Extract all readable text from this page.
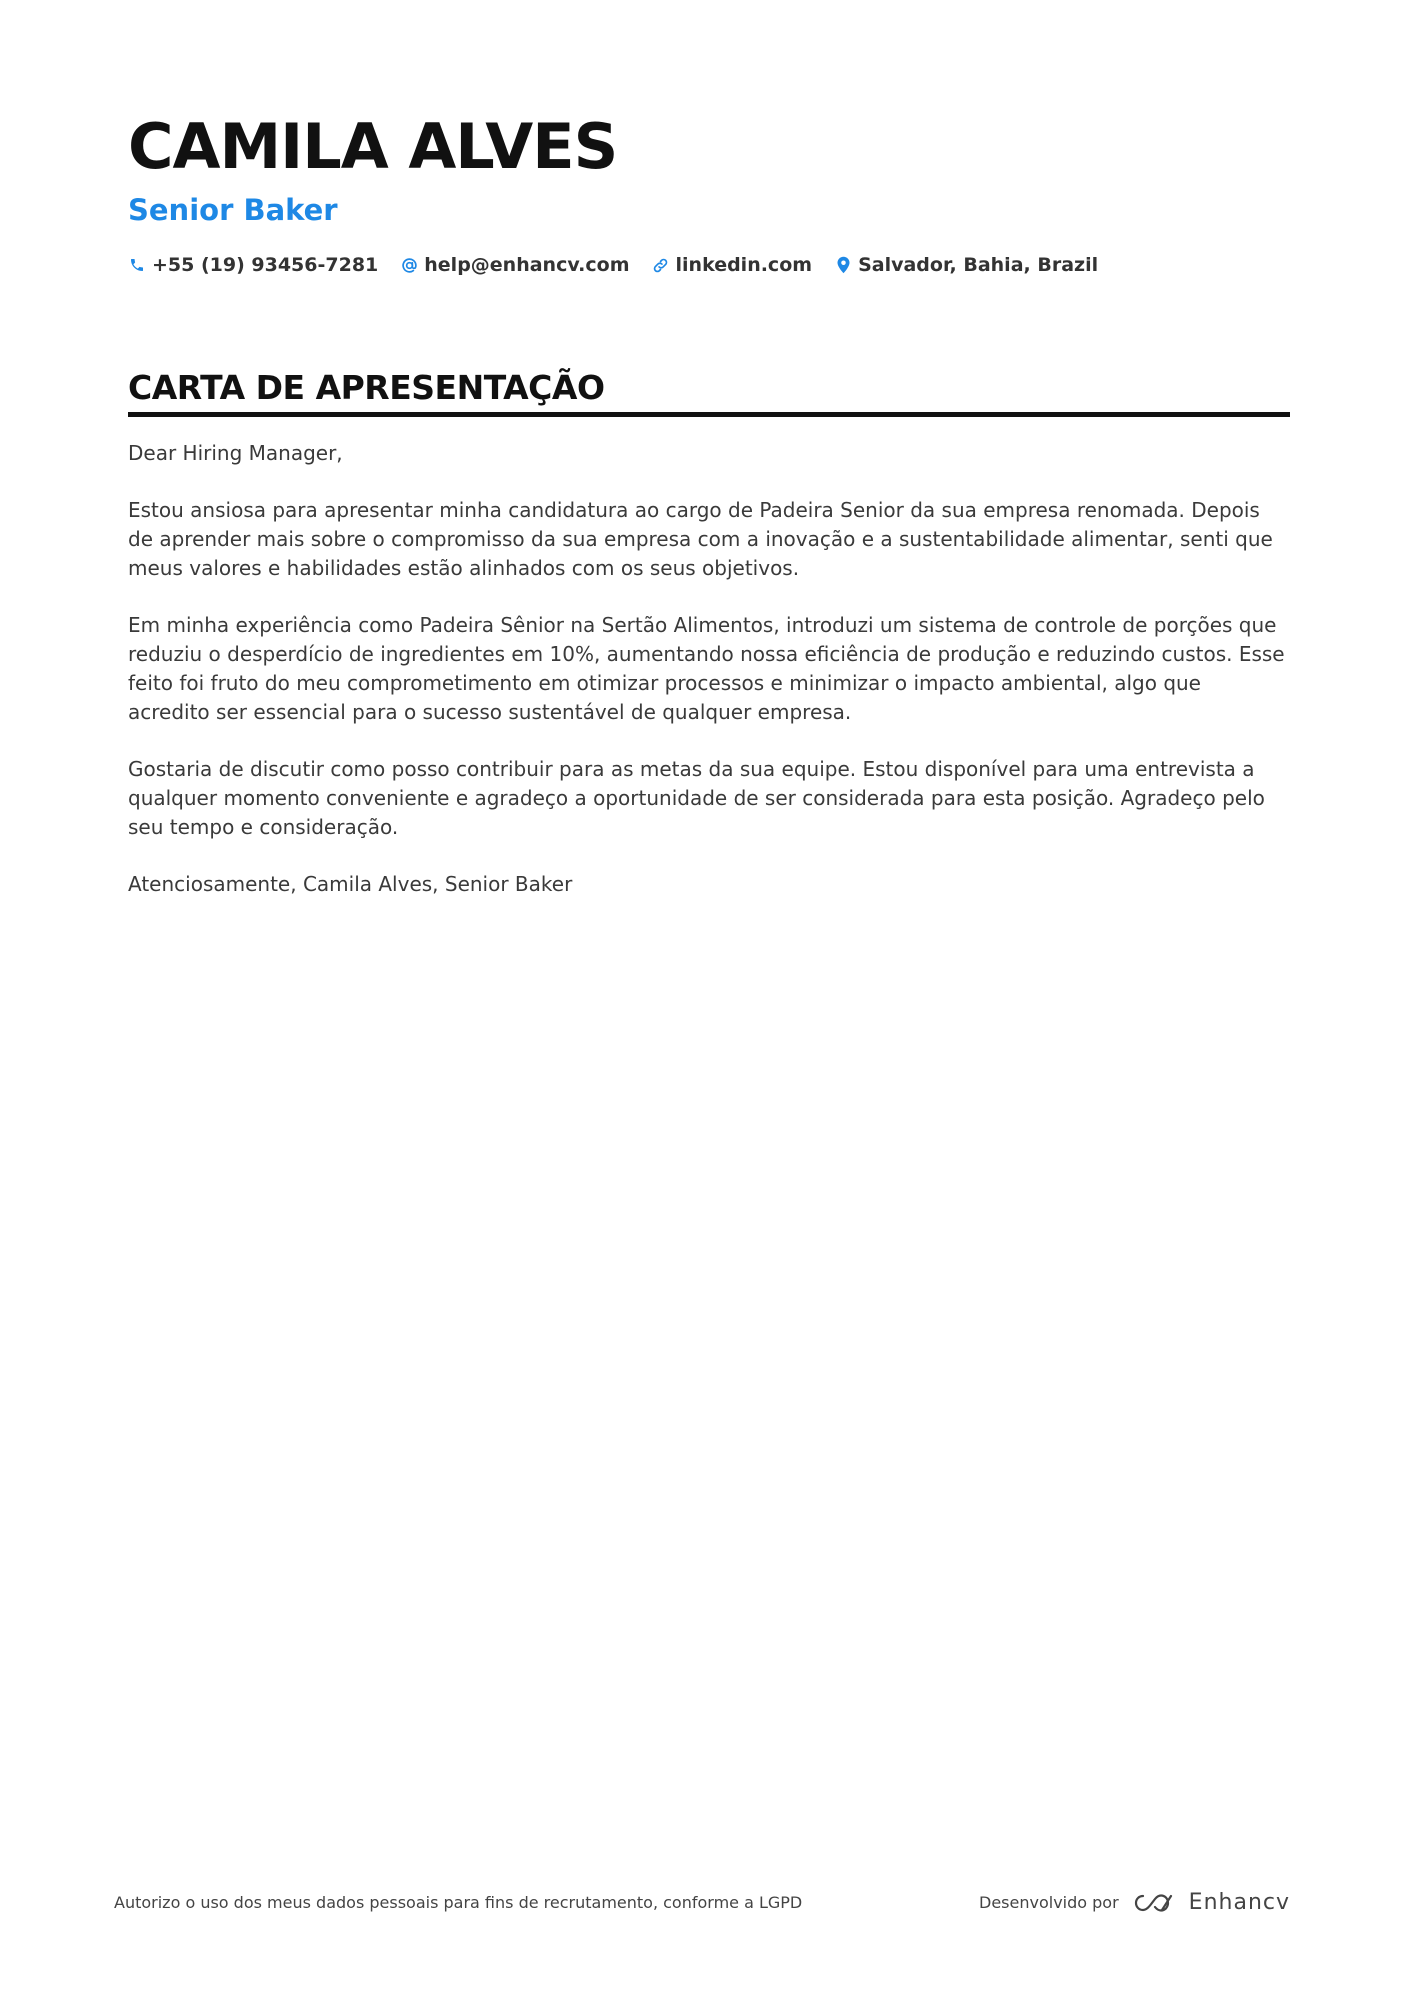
CAMILA ALVES
Senior Baker
+55 (19) 93456-7281 help@enhancv.com linkedin.com Salvador, Bahia, Brazil
CARTA DE APRESENTAÇÃO

Dear Hiring Manager,

Estou ansiosa para apresentar minha candidatura ao cargo de Padeira Senior da sua empresa renomada. Depois de aprender mais sobre o compromisso da sua empresa com a inovação e a sustentabilidade alimentar, senti que meus valores e habilidades estão alinhados com os seus objetivos.

Em minha experiência como Padeira Sênior na Sertão Alimentos, introduzi um sistema de controle de porções que reduziu o desperdício de ingredientes em 10%, aumentando nossa eficiência de produção e reduzindo custos. Esse feito foi fruto do meu comprometimento em otimizar processos e minimizar o impacto ambiental, algo que acredito ser essencial para o sucesso sustentável de qualquer empresa.

Gostaria de discutir como posso contribuir para as metas da sua equipe. Estou disponível para uma entrevista a qualquer momento conveniente e agradeço a oportunidade de ser considerada para esta posição. Agradeço pelo seu tempo e consideração.

Atenciosamente, Camila Alves, Senior Baker

Autorizo o uso dos meus dados pessoais para fins de recrutamento, conforme a LGPD	Desenvolvido por	Enhancv
